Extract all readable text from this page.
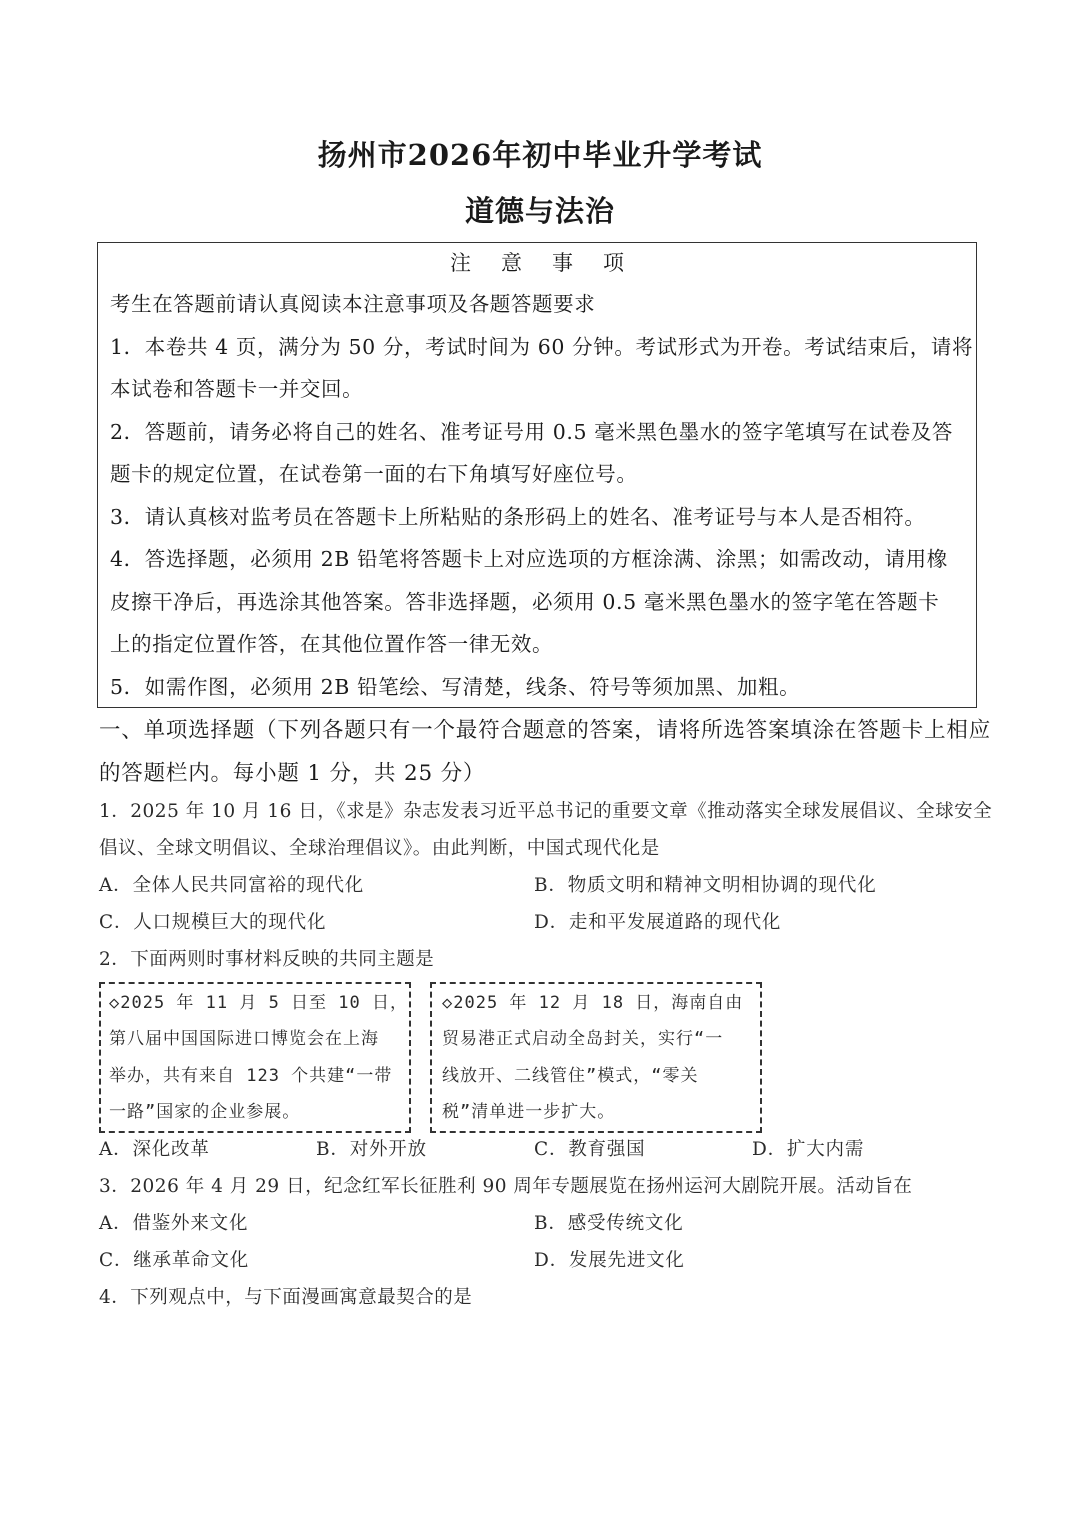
扬州市2026年初中毕业升学考试
道德与法治
注意事项
考生在答题前请认真阅读本注意事项及各题答题要求
1．本卷共 4 页，满分为 50 分，考试时间为 60 分钟。考试形式为开卷。考试结束后，请将
本试卷和答题卡一并交回。
2．答题前，请务必将自己的姓名、准考证号用 0.5 毫米黑色墨水的签字笔填写在试卷及答
题卡的规定位置，在试卷第一面的右下角填写好座位号。
3．请认真核对监考员在答题卡上所粘贴的条形码上的姓名、准考证号与本人是否相符。
4．答选择题，必须用 2B 铅笔将答题卡上对应选项的方框涂满、涂黑；如需改动，请用橡
皮擦干净后，再选涂其他答案。答非选择题，必须用 0.5 毫米黑色墨水的签字笔在答题卡
上的指定位置作答，在其他位置作答一律无效。
5．如需作图，必须用 2B 铅笔绘、写清楚，线条、符号等须加黑、加粗。
一、单项选择题（下列各题只有一个最符合题意的答案，请将所选答案填涂在答题卡上相应
的答题栏内。每小题 1 分，共 25 分）
1．2025 年 10 月 16 日，《求是》杂志发表习近平总书记的重要文章《推动落实全球发展倡议、全球安全
倡议、全球文明倡议、全球治理倡议》。由此判断，中国式现代化是
A．全体人民共同富裕的现代化	B．物质文明和精神文明相协调的现代化
C．人口规模巨大的现代化	D．走和平发展道路的现代化
2．下面两则时事材料反映的共同主题是
◇2025 年 11 月 5 日至 10 日，
第八届中国国际进口博览会在上海
举办，共有来自 123 个共建“一带
一路”国家的企业参展。
◇2025 年 12 月 18 日，海南自由
贸易港正式启动全岛封关，实行“一
线放开、二线管住”模式，“零关
税”清单进一步扩大。
A．深化改革	B．对外开放	C．教育强国	D．扩大内需
3．2026 年 4 月 29 日，纪念红军长征胜利 90 周年专题展览在扬州运河大剧院开展。活动旨在
A．借鉴外来文化	B．感受传统文化
C．继承革命文化	D．发展先进文化
4．下列观点中，与下面漫画寓意最契合的是
